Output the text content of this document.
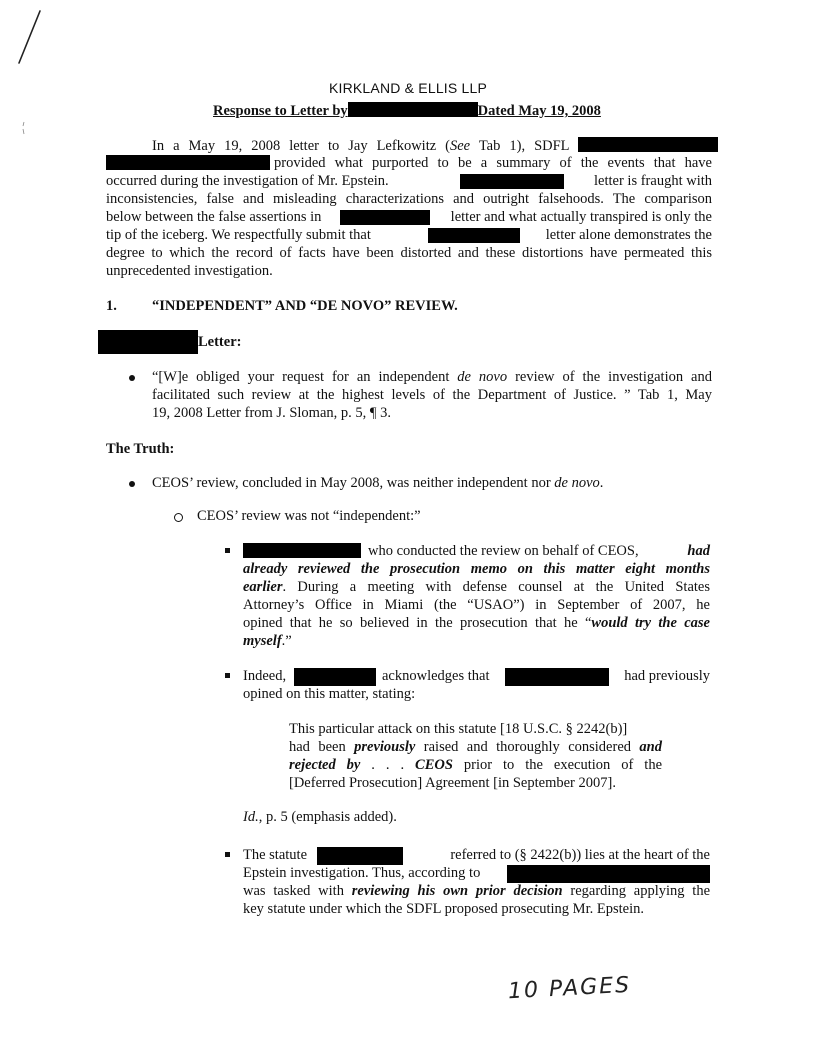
KIRKLAND & ELLIS LLP
Response to Letter by	Dated May 19, 2008
In a May 19, 2008 letter to Jay Lefkowitz (See Tab 1), SDFL
provided what purported to be a summary of the events that have
occurred during the investigation of Mr. Epstein.	letter is fraught with
inconsistencies, false and misleading characterizations and outright falsehoods. The comparison
below between the false assertions in	letter and what actually transpired is only the
tip of the iceberg. We respectfully submit that	letter alone demonstrates the
degree to which the record of facts have been distorted and these distortions have permeated this
unprecedented investigation.
1. “INDEPENDENT” AND “DE NOVO” REVIEW.
Letter:
“[W]e obliged your request for an independent de novo review of the investigation and
facilitated such review at the highest levels of the Department of Justice. ” Tab 1, May
19, 2008 Letter from J. Sloman, p. 5, ¶ 3.
The Truth:
CEOS’ review, concluded in May 2008, was neither independent nor de novo.
CEOS’ review was not “independent:”
who conducted the review on behalf of CEOS,	had
already reviewed the prosecution memo on this matter eight months
earlier. During a meeting with defense counsel at the United States
Attorney’s Office in Miami (the “USAO”) in September of 2007, he
opined that he so believed in the prosecution that he “would try the case
myself.”
Indeed,	acknowledges that	had previously
opined on this matter, stating:
This particular attack on this statute [18 U.S.C. § 2242(b)]
had been previously raised and thoroughly considered and
rejected by . . . CEOS prior to the execution of the
[Deferred Prosecution] Agreement [in September 2007].
Id., p. 5 (emphasis added).
The statute	referred to (§ 2422(b)) lies at the heart of the
Epstein investigation. Thus, according to
was tasked with reviewing his own prior decision regarding applying the
key statute under which the SDFL proposed prosecuting Mr. Epstein.
10 PAGES
